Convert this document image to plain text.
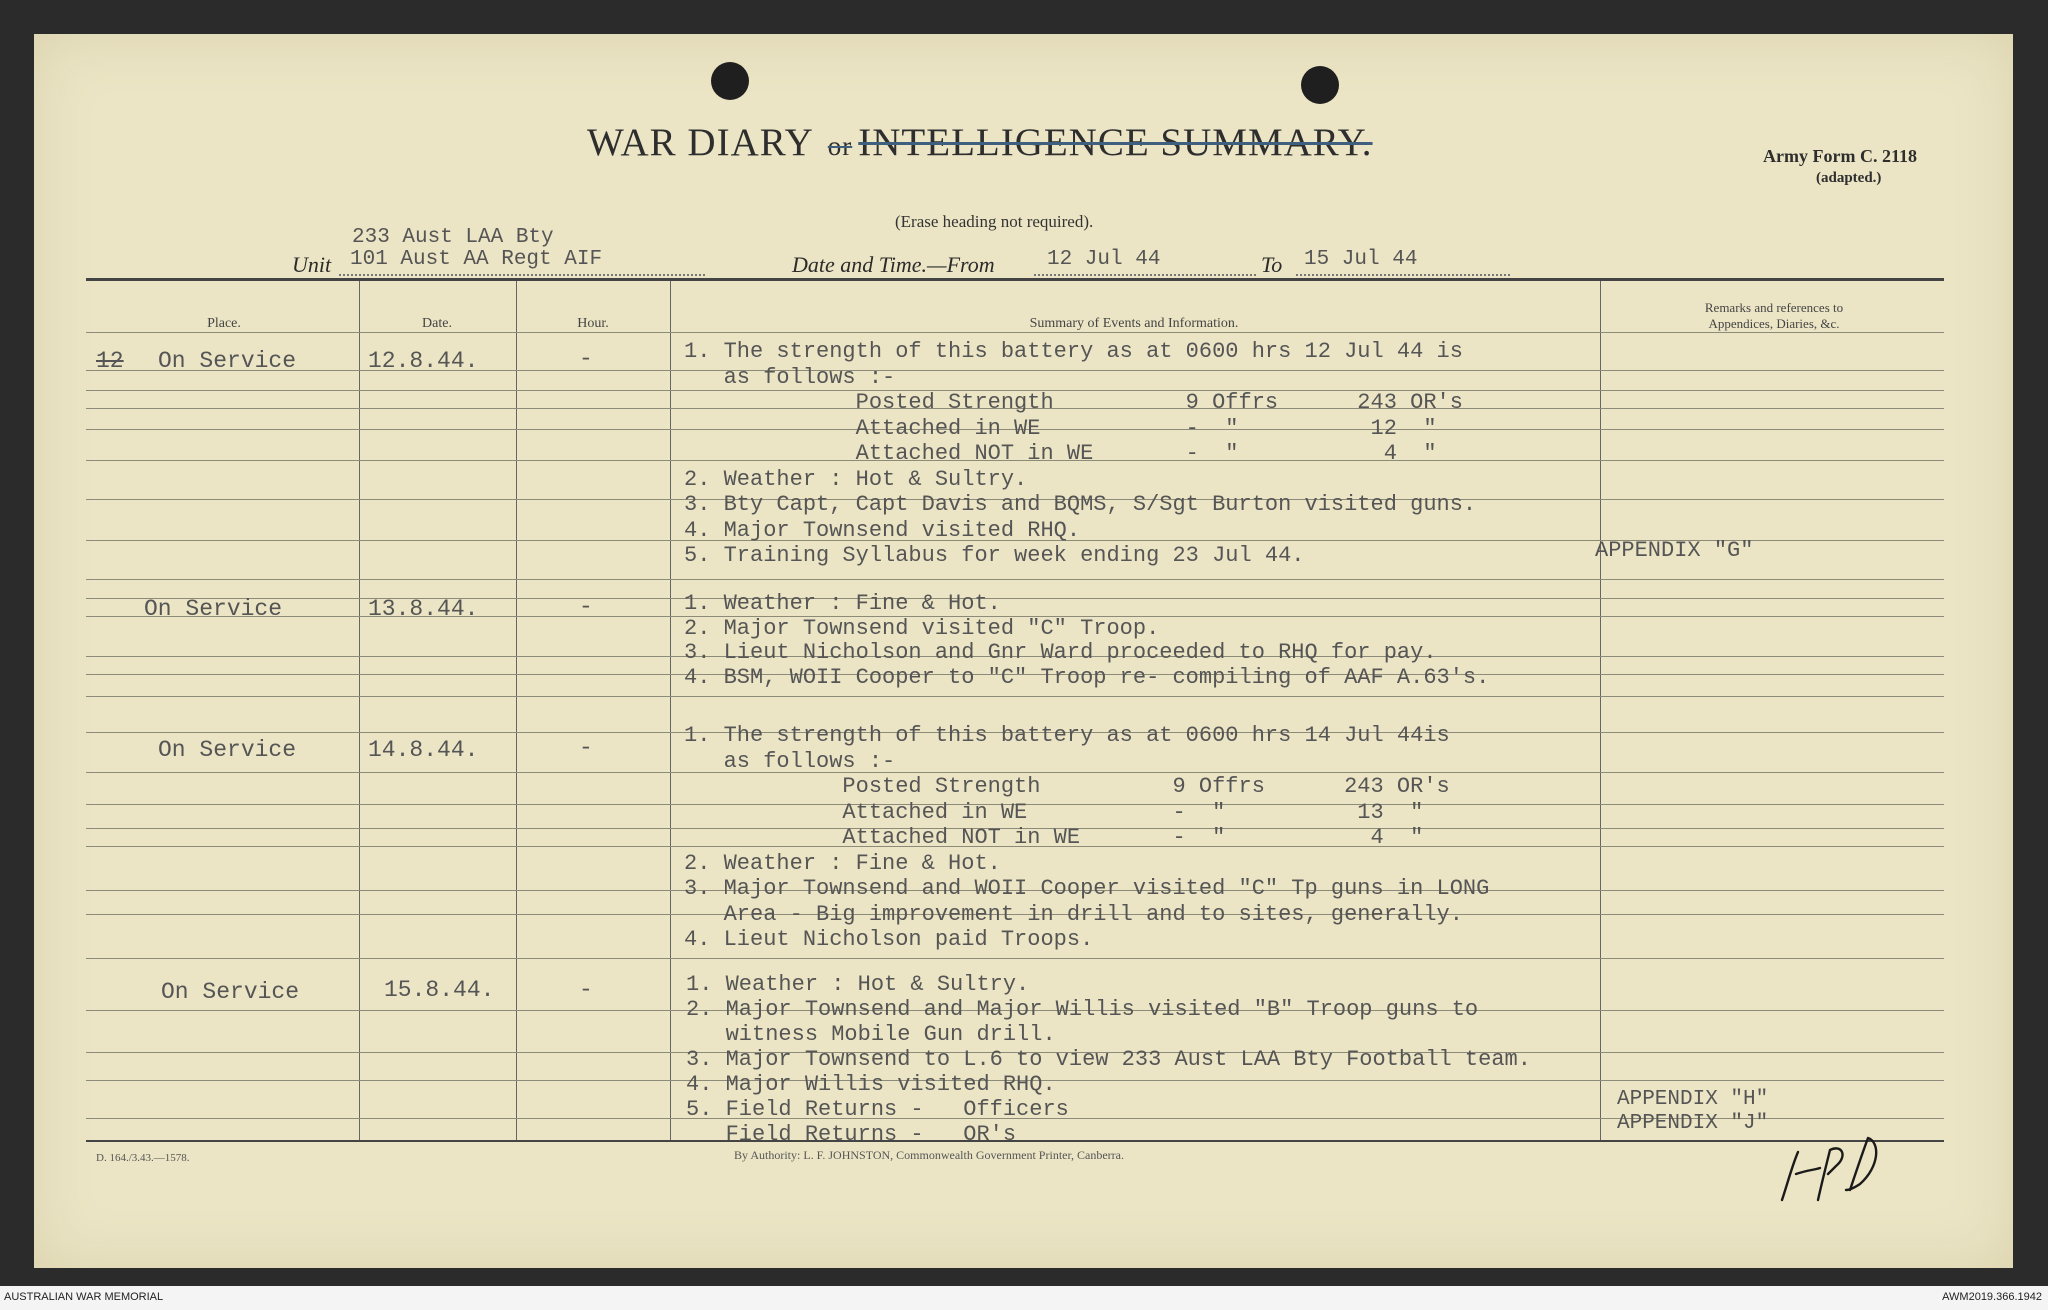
WAR DIARY or INTELLIGENCE SUMMARY.
(Erase heading not required).
Army Form C. 2118
(adapted.)
233 Aust LAA Bty
Unit 101 Aust AA Regt AIF	Date and Time.—From 12 Jul 44	To 15 Jul 44
Place.	Date.	Hour.	Summary of Events and Information.
Remarks and references to
Appendices, Diaries, &c.
12 On Service	12.8.44.	-	1. The strength of this battery as at 0600 hrs 12 Jul 44 is
as follows :-
Posted Strength          9 Offrs      243 OR's
Attached in WE           -  "          12  "
Attached NOT in WE       -  "           4  "
2. Weather : Hot & Sultry.
3. Bty Capt, Capt Davis and BQMS, S/Sgt Burton visited guns.
4. Major Townsend visited RHQ.
5. Training Syllabus for week ending 23 Jul 44.	APPENDIX "G"
On Service	13.8.44.	-	1. Weather : Fine & Hot.
2. Major Townsend visited "C" Troop.
3. Lieut Nicholson and Gnr Ward proceeded to RHQ for pay.
4. BSM, WOII Cooper to "C" Troop re- compiling of AAF A.63's.
On Service	14.8.44.	-	1. The strength of this battery as at 0600 hrs 14 Jul 44is
as follows :-
Posted Strength          9 Offrs      243 OR's
Attached in WE           -  "          13  "
Attached NOT in WE       -  "           4  "
2. Weather : Fine & Hot.
3. Major Townsend and WOII Cooper visited "C" Tp guns in LONG
Area - Big improvement in drill and to sites, generally.
4. Lieut Nicholson paid Troops.
On Service	15.8.44.	-	1. Weather : Hot & Sultry.
2. Major Townsend and Major Willis visited "B" Troop guns to
witness Mobile Gun drill.
3. Major Townsend to L.6 to view 233 Aust LAA Bty Football team.
4. Major Willis visited RHQ.
5. Field Returns -   Officers
Field Returns -   OR's
APPENDIX "H"
APPENDIX "J"
D. 164./3.43.—1578.	By Authority: L. F. JOHNSTON, Commonwealth Government Printer, Canberra.
AUSTRALIAN WAR MEMORIAL	AWM2019.366.1942
